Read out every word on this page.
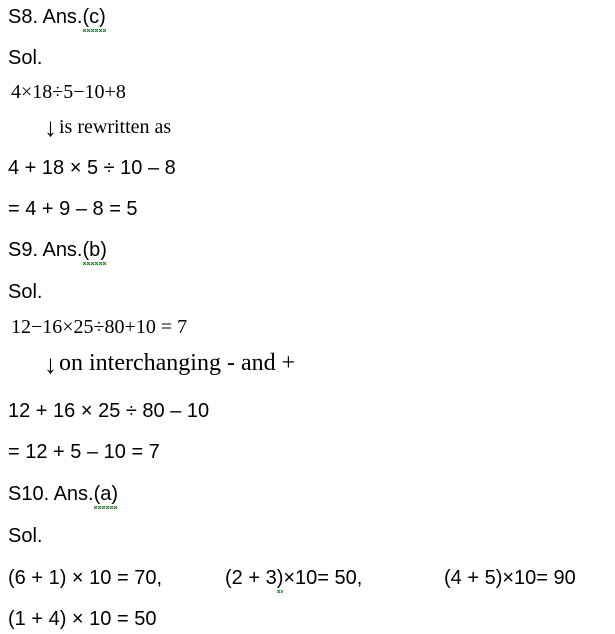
S8. Ans.(c)
Sol.
4×18÷5−10+8
↓ is rewritten as
4 + 18 × 5 ÷ 10 – 8
= 4 + 9 – 8 = 5
S9. Ans.(b)
Sol.
12−16×25÷80+10 = 7
↓on interchanging - and +
12 + 16 × 25 ÷ 80 – 10
= 12 + 5 – 10 = 7
S10. Ans.(a)
Sol.
(6 + 1) × 10 = 70,	(2 + 3)×10= 50,	(4 + 5)×10= 90
(1 + 4) × 10 = 50
